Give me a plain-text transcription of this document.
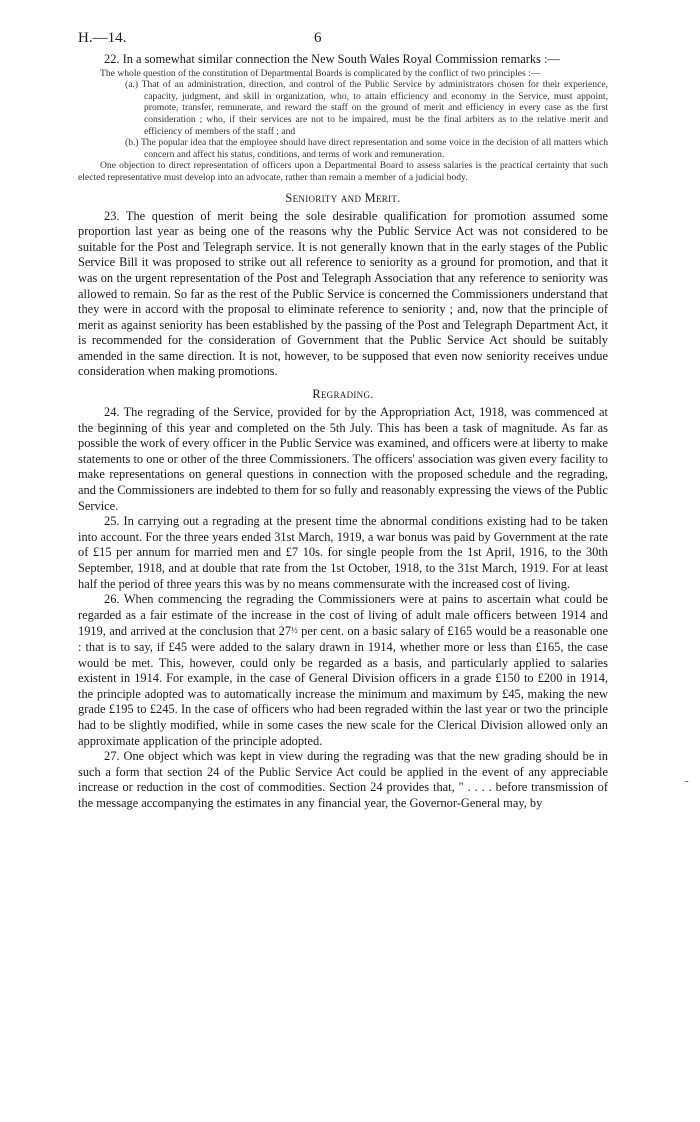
H.—14.	6

22. In a somewhat similar connection the New South Wales Royal Commission remarks :—

The whole question of the constitution of Departmental Boards is complicated by the conflict of two principles :—

(a.) That of an administration, direction, and control of the Public Service by administrators chosen for their experience, capacity, judgment, and skill in organization, who, to attain efficiency and economy in the Service, must appoint, promote, transfer, remunerate, and reward the staff on the ground of merit and efficiency in every case as the first consideration ; who, if their services are not to be impaired, must be the final arbiters as to the relative merit and efficiency of members of the staff ; and

(b.) The popular idea that the employee should have direct representation and some voice in the decision of all matters which concern and affect his status, conditions, and terms of work and remuneration.

One objection to direct representation of officers upon a Departmental Board to assess salaries is the practical certainty that such elected representative must develop into an advocate, rather than remain a member of a judicial body.

Seniority and Merit.

23. The question of merit being the sole desirable qualification for promotion assumed some proportion last year as being one of the reasons why the Public Service Act was not considered to be suitable for the Post and Telegraph service. It is not generally known that in the early stages of the Public Service Bill it was proposed to strike out all reference to seniority as a ground for promotion, and that it was on the urgent representation of the Post and Telegraph Association that any reference to seniority was allowed to remain. So far as the rest of the Public Service is concerned the Commissioners understand that they were in accord with the proposal to eliminate reference to seniority ; and, now that the principle of merit as against seniority has been established by the passing of the Post and Telegraph Department Act, it is recommended for the consideration of Government that the Public Service Act should be suitably amended in the same direction. It is not, however, to be supposed that even now seniority receives undue consideration when making promotions.

Regrading.

24. The regrading of the Service, provided for by the Appropriation Act, 1918, was commenced at the beginning of this year and completed on the 5th July. This has been a task of magnitude. As far as possible the work of every officer in the Public Service was examined, and officers were at liberty to make statements to one or other of the three Commissioners. The officers' association was given every facility to make representations on general questions in connection with the proposed schedule and the regrading, and the Commissioners are indebted to them for so fully and reasonably expressing the views of the Public Service.

25. In carrying out a regrading at the present time the abnormal conditions existing had to be taken into account. For the three years ended 31st March, 1919, a war bonus was paid by Government at the rate of £15 per annum for married men and £7 10s. for single people from the 1st April, 1916, to the 30th September, 1918, and at double that rate from the 1st October, 1918, to the 31st March, 1919. For at least half the period of three years this was by no means commensurate with the increased cost of living.

26. When commencing the regrading the Commissioners were at pains to ascertain what could be regarded as a fair estimate of the increase in the cost of living of adult male officers between 1914 and 1919, and arrived at the conclusion that 27½ per cent. on a basic salary of £165 would be a reasonable one : that is to say, if £45 were added to the salary drawn in 1914, whether more or less than £165, the case would be met. This, however, could only be regarded as a basis, and particularly applied to salaries existent in 1914. For example, in the case of General Division officers in a grade £150 to £200 in 1914, the principle adopted was to automatically increase the minimum and maximum by £45, making the new grade £195 to £245. In the case of officers who had been regraded within the last year or two the principle had to be slightly modified, while in some cases the new scale for the Clerical Division allowed only an approximate application of the principle adopted.

27. One object which was kept in view during the regrading was that the new grading should be in such a form that section 24 of the Public Service Act could be applied in the event of any appreciable increase or reduction in the cost of commodities. Section 24 provides that, " . . . . before transmission of the message accompanying the estimates in any financial year, the Governor-General may, by

-
